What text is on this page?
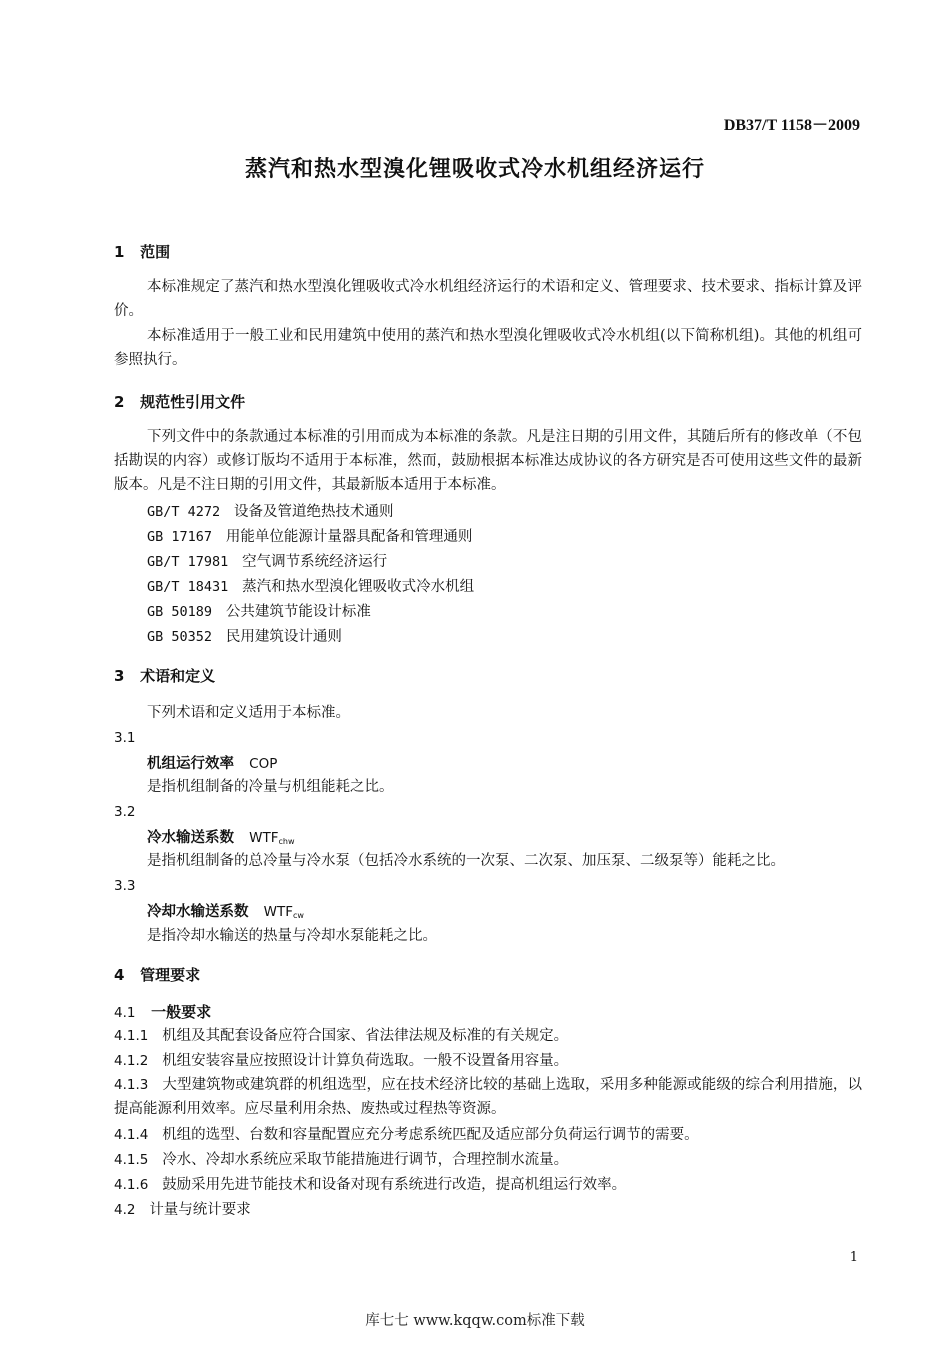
DB37/T 1158－2009
蒸汽和热水型溴化锂吸收式冷水机组经济运行
1 范围
本标准规定了蒸汽和热水型溴化锂吸收式冷水机组经济运行的术语和定义、管理要求、技术要求、指标计算及评价。
本标准适用于一般工业和民用建筑中使用的蒸汽和热水型溴化锂吸收式冷水机组(以下简称机组)。其他的机组可参照执行。
2 规范性引用文件
下列文件中的条款通过本标准的引用而成为本标准的条款。凡是注日期的引用文件，其随后所有的修改单（不包括勘误的内容）或修订版均不适用于本标准，然而，鼓励根据本标准达成协议的各方研究是否可使用这些文件的最新版本。凡是不注日期的引用文件，其最新版本适用于本标准。
GB/T 4272 设备及管道绝热技术通则
GB 17167 用能单位能源计量器具配备和管理通则
GB/T 17981 空气调节系统经济运行
GB/T 18431 蒸汽和热水型溴化锂吸收式冷水机组
GB 50189 公共建筑节能设计标准
GB 50352 民用建筑设计通则
3 术语和定义
下列术语和定义适用于本标准。
3.1
机组运行效率 COP
是指机组制备的冷量与机组能耗之比。
3.2
冷水输送系数 $WTF_{chw}$
是指机组制备的总冷量与冷水泵（包括冷水系统的一次泵、二次泵、加压泵、二级泵等）能耗之比。
3.3
冷却水输送系数 $WTF_{cw}$
是指冷却水输送的热量与冷却水泵能耗之比。
4 管理要求
4.1 一般要求
4.1.1 机组及其配套设备应符合国家、省法律法规及标准的有关规定。
4.1.2 机组安装容量应按照设计计算负荷选取。一般不设置备用容量。
4.1.3 大型建筑物或建筑群的机组选型，应在技术经济比较的基础上选取，采用多种能源或能级的综合利用措施，以提高能源利用效率。应尽量利用余热、废热或过程热等资源。
4.1.4 机组的选型、台数和容量配置应充分考虑系统匹配及适应部分负荷运行调节的需要。
4.1.5 冷水、冷却水系统应采取节能措施进行调节，合理控制水流量。
4.1.6 鼓励采用先进节能技术和设备对现有系统进行改造，提高机组运行效率。
4.2 计量与统计要求
1
库七七 www.kqqw.com标准下载
